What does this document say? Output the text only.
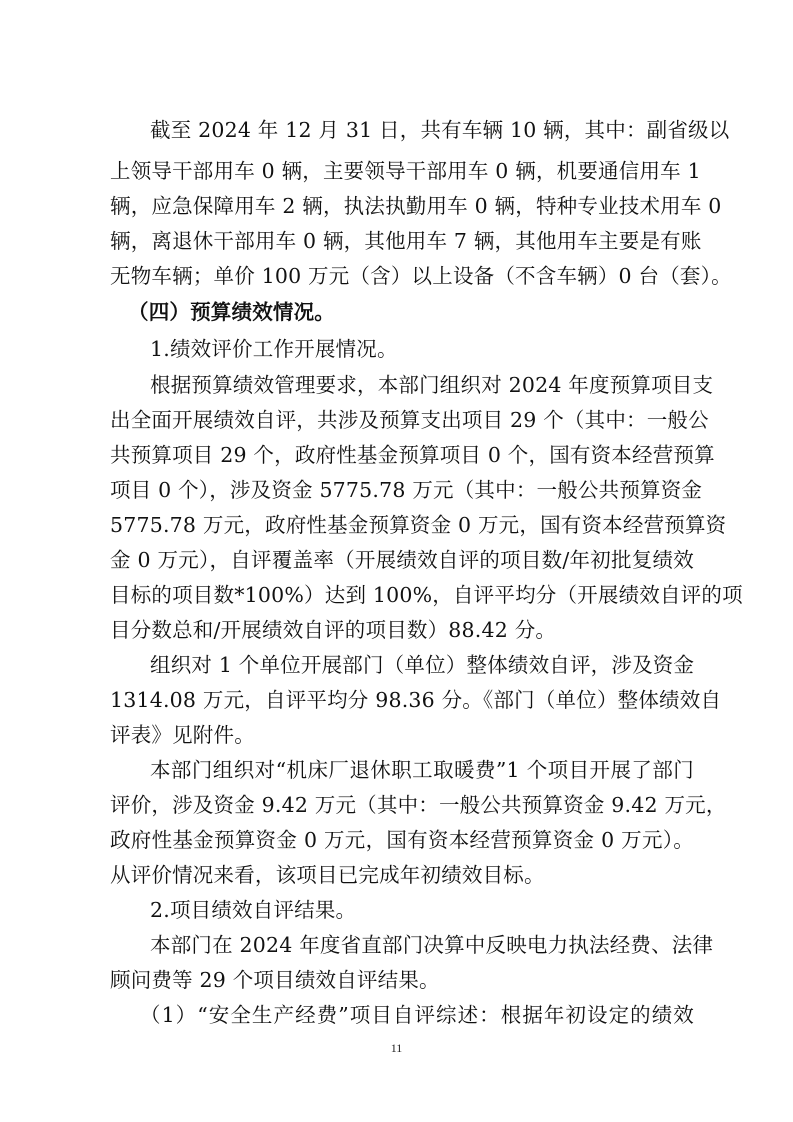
截至 2024 年 12 月 31 日，共有车辆 10 辆，其中：副省级以
上领导干部用车 0 辆，主要领导干部用车 0 辆，机要通信用车 1
辆，应急保障用车 2 辆，执法执勤用车 0 辆，特种专业技术用车 0
辆，离退休干部用车 0 辆，其他用车 7 辆，其他用车主要是有账
无物车辆；单价 100 万元（含）以上设备（不含车辆）0 台（套）。
（四）预算绩效情况。
1.绩效评价工作开展情况。
根据预算绩效管理要求，本部门组织对 2024 年度预算项目支
出全面开展绩效自评，共涉及预算支出项目 29 个（其中：一般公
共预算项目 29 个，政府性基金预算项目 0 个，国有资本经营预算
项目 0 个），涉及资金 5775.78 万元（其中：一般公共预算资金
5775.78 万元，政府性基金预算资金 0 万元，国有资本经营预算资
金 0 万元），自评覆盖率（开展绩效自评的项目数/年初批复绩效
目标的项目数*100%）达到 100%，自评平均分（开展绩效自评的项
目分数总和/开展绩效自评的项目数）88.42 分。
组织对 1 个单位开展部门（单位）整体绩效自评，涉及资金
1314.08 万元，自评平均分 98.36 分。《部门（单位）整体绩效自
评表》见附件。
本部门组织对“机床厂退休职工取暖费”1 个项目开展了部门
评价，涉及资金 9.42 万元（其中：一般公共预算资金 9.42 万元，
政府性基金预算资金 0 万元，国有资本经营预算资金 0 万元）。
从评价情况来看，该项目已完成年初绩效目标。
2.项目绩效自评结果。
本部门在 2024 年度省直部门决算中反映电力执法经费、法律
顾问费等 29 个项目绩效自评结果。
（1）“安全生产经费”项目自评综述：根据年初设定的绩效
11
